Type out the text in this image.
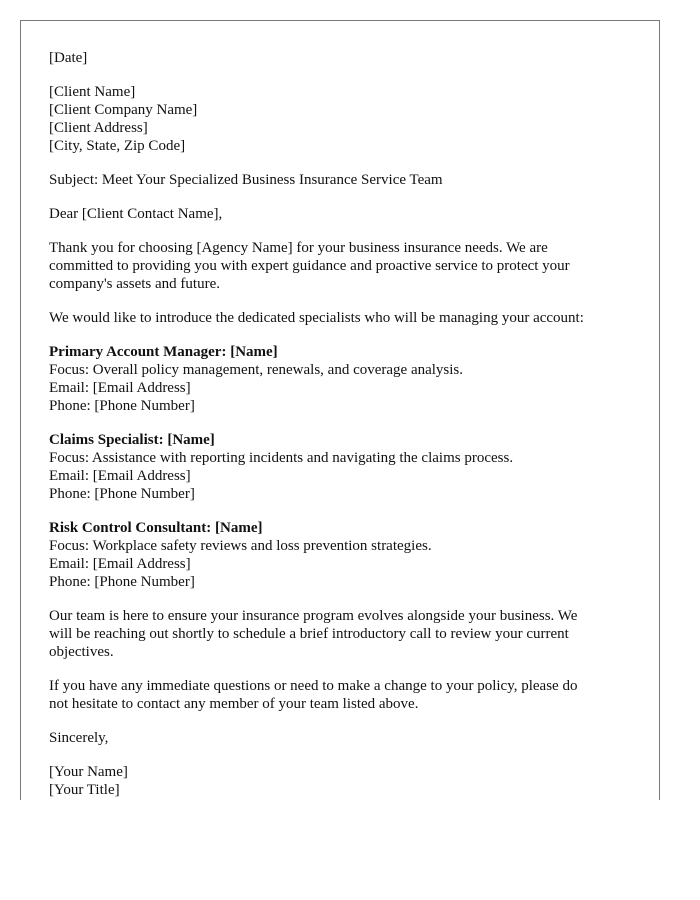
[Date]
[Client Name]
[Client Company Name]
[Client Address]
[City, State, Zip Code]
Subject: Meet Your Specialized Business Insurance Service Team
Dear [Client Contact Name],
Thank you for choosing [Agency Name] for your business insurance needs. We are
committed to providing you with expert guidance and proactive service to protect your
company's assets and future.
We would like to introduce the dedicated specialists who will be managing your account:
Primary Account Manager: [Name]
Focus: Overall policy management, renewals, and coverage analysis.
Email: [Email Address]
Phone: [Phone Number]
Claims Specialist: [Name]
Focus: Assistance with reporting incidents and navigating the claims process.
Email: [Email Address]
Phone: [Phone Number]
Risk Control Consultant: [Name]
Focus: Workplace safety reviews and loss prevention strategies.
Email: [Email Address]
Phone: [Phone Number]
Our team is here to ensure your insurance program evolves alongside your business. We
will be reaching out shortly to schedule a brief introductory call to review your current
objectives.
If you have any immediate questions or need to make a change to your policy, please do
not hesitate to contact any member of your team listed above.
Sincerely,
[Your Name]
[Your Title]
